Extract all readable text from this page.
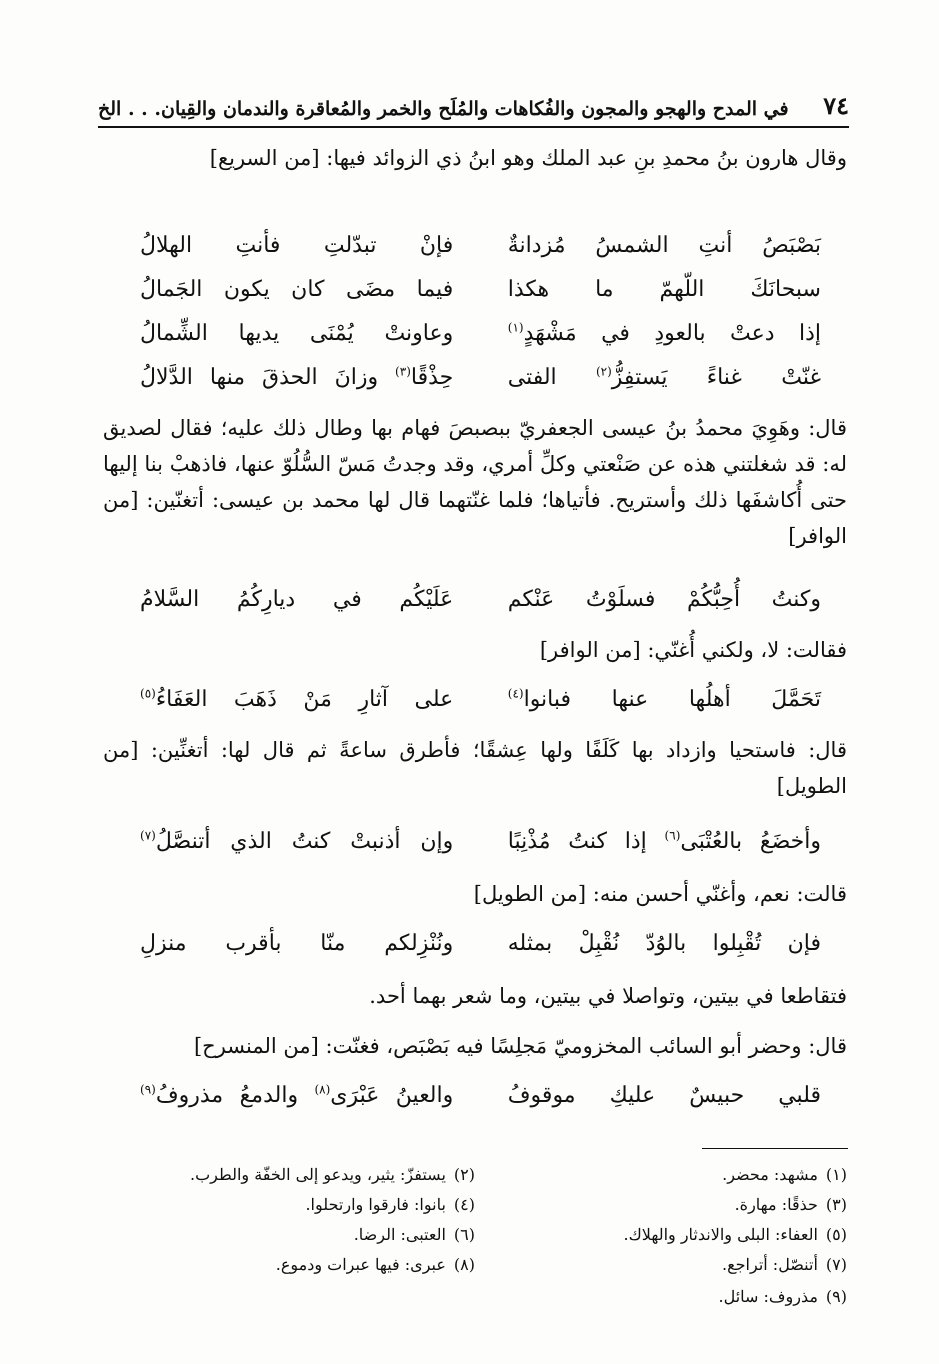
٧٤
في المدح والهجو والمجون والفُكاهات والمُلَح والخمر والمُعاقرة والندمان والقِيان. . . الخ
وقال هارون بنُ محمدِ بنِ عبد الملك وهو ابنُ ذي الزوائد فيها: [من السريع]
بَصْبَصُ أنتِ الشمسُ مُزدانةٌ
فإنْ تبدّلتِ فأنتِ الهلالُ
سبحانَكَ اللّهمّ ما هكذا
فيما مضَى كان يكون الجَمالُ
إذا دعتْ بالعودِ في مَشْهَدٍ$^{(١)}$
وعاونتْ يُمْنَى يديها الشِّمالُ
غنّتْ غناءً يَستفِزُّ$^{(٢)}$ الفتى
حِذْقًا$^{(٣)}$ وزانَ الحذقَ منها الدَّلالُ
قال: وهَوِيَ محمدُ بنُ عيسى الجعفريّ ببصبصَ فهام بها وطال ذلك عليه؛ فقال لصديق له: قد شغلتني هذه عن صَنْعتي وكلِّ أمري، وقد وجدتُ مَسّ السُّلُوّ عنها، فاذهبْ بنا إليها حتى أُكاشفَها ذلك وأستريح. فأتياها؛ فلما غنّتهما قال لها محمد بن عيسى: أتغنّين: [من الوافر]
وكنتُ أُحِبُّكُمْ فسلَوْتُ عَنْكم
عَلَيْكُم في ديارِكُمُ السَّلامُ
فقالت: لا، ولكني أُغنّي: [من الوافر]
تَحَمَّلَ أهلُها عنها فبانوا$^{(٤)}$
على آثارِ مَنْ ذَهَبَ العَفَاءُ$^{(٥)}$
قال: فاستحيا وازداد بها كَلَفًا ولها عِشقًا؛ فأطرق ساعةً ثم قال لها: أتغنِّين: [من الطويل]
وأخضَعُ بالعُتْبَى$^{(٦)}$ إذا كنتُ مُذْنِبًا
وإن أذنبتْ كنتُ الذي أتنصَّلُ$^{(٧)}$
قالت: نعم، وأغنّي أحسن منه: [من الطويل]
فإن تُقْبِلوا بالوُدّ نُقْبِلْ بمثله
ونُنْزِلكم منّا بأقرب منزلِ
فتقاطعا في بيتين، وتواصلا في بيتين، وما شعر بهما أحد.
قال: وحضر أبو السائب المخزوميّ مَجلِسًا فيه بَصْبَص، فغنّت: [من المنسرح]
قلبي حبيسٌ عليكِ موقوفُ
والعينُ عَبْرَى$^{(٨)}$ والدمعُ مذروفُ$^{(٩)}$
(١)مشهد: محضر.
(٢)يستفزّ: يثير، ويدعو إلى الخفّة والطرب.
(٣)حذقًا: مهارة.
(٤)بانوا: فارقوا وارتحلوا.
(٥)العفاء: البلى والاندثار والهلاك.
(٦)العتبى: الرضا.
(٧)أتنصّل: أتراجع.
(٨)عبرى: فيها عبرات ودموع.
(٩)مذروف: سائل.
